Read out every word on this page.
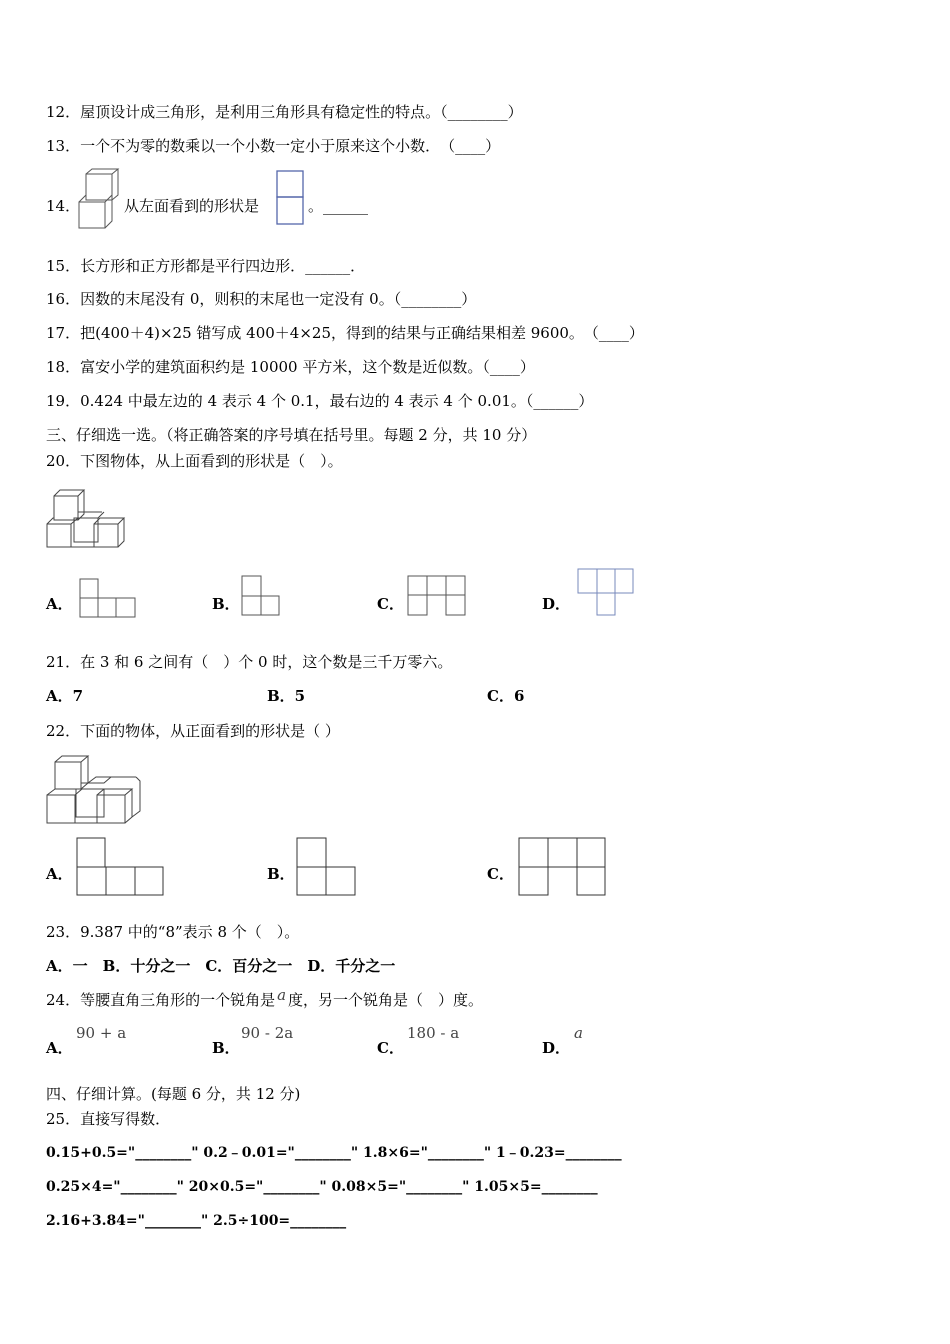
12．屋顶设计成三角形，是利用三角形具有稳定性的特点。（________）
13．一个不为零的数乘以一个小数一定小于原来这个小数．　（____）
14．	从左面看到的形状是	。______
15．长方形和正方形都是平行四边形．______．
16．因数的末尾没有 0，则积的末尾也一定没有 0。（________）
17．把(400＋4)×25 错写成 400＋4×25，得到的结果与正确结果相差 9600。　（____）
18．富安小学的建筑面积约是 10000 平方米，这个数是近似数。（____）
19．0.424 中最左边的 4 表示 4 个 0.1，最右边的 4 表示 4 个 0.01。（______）
三、仔细选一选。（将正确答案的序号填在括号里。每题 2 分，共 10 分）
20．下图物体，从上面看到的形状是（　）。
A．	B．	C．	D．
21．在 3 和 6 之间有（　）个 0 时，这个数是三千万零六。
A．7	B．5	C．6
22．下面的物体，从正面看到的形状是（ ）
A．	B．	C．
23．9.387 中的“8”表示 8 个（　）。
A．一　B．十分之一　C．百分之一　D．千分之一
24．等腰直角三角形的一个锐角是 a 度，另一个锐角是（　）度。
A．
90 + a
B．
90 - 2a
C．
180 - a
D．
a
四、仔细计算。(每题 6 分，共 12 分)
25．直接写得数．
0.15+0.5="________" 0.2﹣0.01="________" 1.8×6="________" 1﹣0.23=________
0.25×4="________" 20×0.5="________" 0.08×5="________" 1.05×5=________
2.16+3.84="________" 2.5÷100=________
